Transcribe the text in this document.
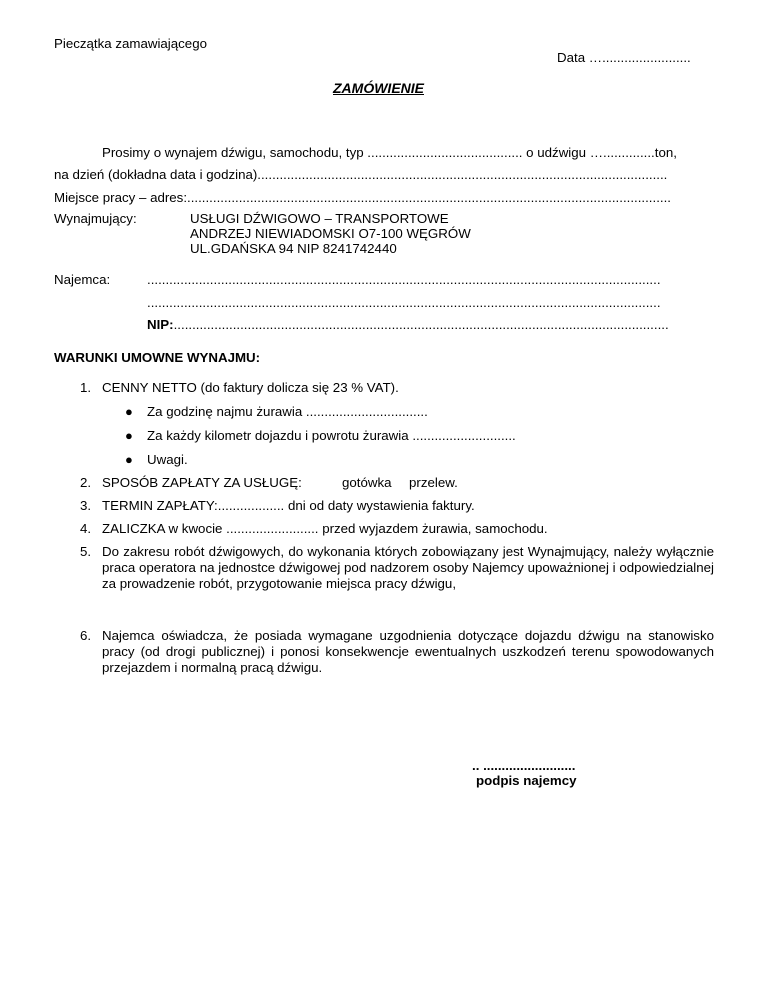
Pieczątka zamawiającego
Data …........................
ZAMÓWIENIE
Prosimy o wynajem dźwigu, samochodu, typ .......................................... o udźwigu …..............ton,
na dzień (dokładna data i godzina)...............................................................................................................
Miejsce pracy – adres:...................................................................................................................................
Wynajmujący:	USŁUGI DŹWIGOWO – TRANSPORTOWE
ANDRZEJ NIEWIADOMSKI O7-100 WĘGRÓW
UL.GDAŃSKA 94 NIP 8241742440
Najemca:	...........................................................................................................................................
...........................................................................................................................................
NIP:......................................................................................................................................
WARUNKI UMOWNE WYNAJMU:
1. CENNY NETTO (do faktury dolicza się 23 % VAT).
● Za godzinę najmu żurawia .................................
● Za każdy kilometr dojazdu i powrotu żurawia ............................
● Uwagi.
2. SPOSÓB ZAPŁATY ZA USŁUGĘ:	gotówka przelew.
3. TERMIN ZAPŁATY:.................. dni od daty wystawienia faktury.
4. ZALICZKA w kwocie ......................... przed wyjazdem żurawia, samochodu.
5. Do zakresu robót dźwigowych, do wykonania których zobowiązany jest Wynajmujący, należy wyłącznie praca operatora na jednostce dźwigowej pod nadzorem osoby Najemcy upoważnionej i odpowiedzialnej za prowadzenie robót, przygotowanie miejsca pracy dźwigu,
6. Najemca oświadcza, że posiada wymagane uzgodnienia dotyczące dojazdu dźwigu na stanowisko pracy (od drogi publicznej) i ponosi konsekwencje ewentualnych uszkodzeń terenu spowodowanych przejazdem i normalną pracą dźwigu.
.. .........................
podpis najemcy
